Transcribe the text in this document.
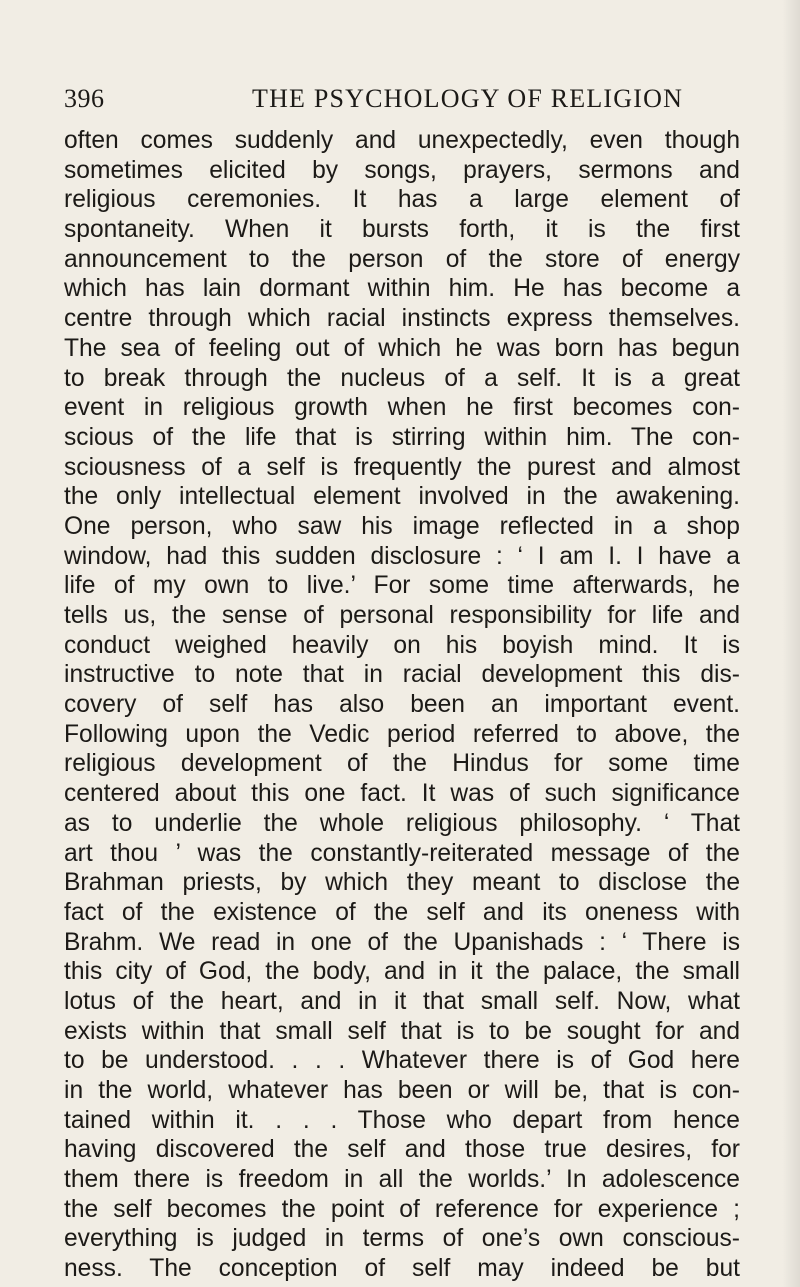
396	THE PSYCHOLOGY OF RELIGION
often comes suddenly and unexpectedly, even though
sometimes elicited by songs, prayers, sermons and
religious ceremonies. It has a large element of
spontaneity. When it bursts forth, it is the first
announcement to the person of the store of energy
which has lain dormant within him. He has become a
centre through which racial instincts express themselves.
The sea of feeling out of which he was born has begun
to break through the nucleus of a self. It is a great
event in religious growth when he first becomes con-
scious of the life that is stirring within him. The con-
sciousness of a self is frequently the purest and almost
the only intellectual element involved in the awakening.
One person, who saw his image reflected in a shop
window, had this sudden disclosure : ‘ I am I. I have a
life of my own to live.’ For some time afterwards, he
tells us, the sense of personal responsibility for life and
conduct weighed heavily on his boyish mind. It is
instructive to note that in racial development this dis-
covery of self has also been an important event.
Following upon the Vedic period referred to above, the
religious development of the Hindus for some time
centered about this one fact. It was of such significance
as to underlie the whole religious philosophy. ‘ That
art thou ’ was the constantly-reiterated message of the
Brahman priests, by which they meant to disclose the
fact of the existence of the self and its oneness with
Brahm. We read in one of the Upanishads : ‘ There is
this city of God, the body, and in it the palace, the small
lotus of the heart, and in it that small self. Now, what
exists within that small self that is to be sought for and
to be understood. . . . Whatever there is of God here
in the world, whatever has been or will be, that is con-
tained within it. . . . Those who depart from hence
having discovered the self and those true desires, for
them there is freedom in all the worlds.’ In adolescence
the self becomes the point of reference for experience ;
everything is judged in terms of one’s own conscious-
ness. The conception of self may indeed be but
